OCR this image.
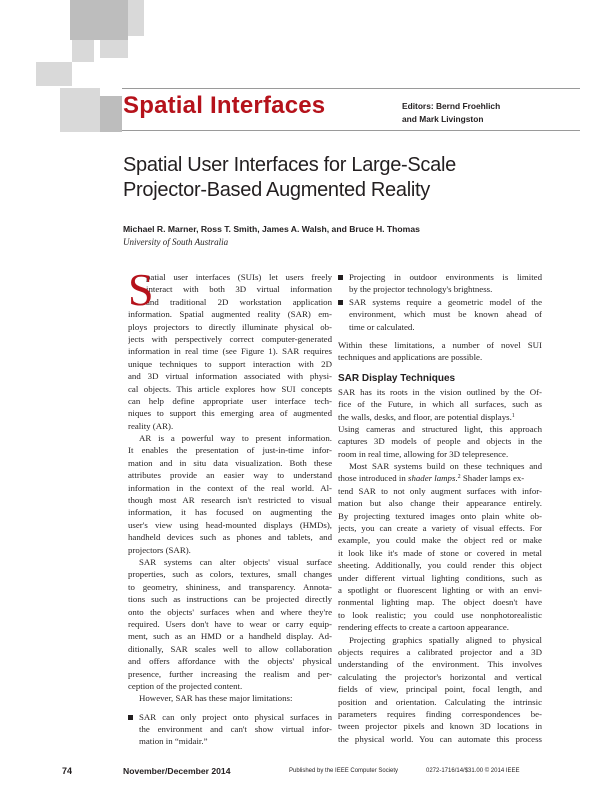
Spatial Interfaces	Editors: Bernd Froehlich
and Mark Livingston
Spatial User Interfaces for Large-Scale
Projector-Based Augmented Reality
Michael R. Marner, Ross T. Smith, James A. Walsh, and Bruce H. Thomas
University of South Australia
S
patial user interfaces (SUIs) let users freely
interact with both 3D virtual information
and traditional 2D workstation application
information. Spatial augmented reality (SAR) em-
ploys projectors to directly illuminate physical ob-
jects with perspectively correct computer-generated
information in real time (see Figure 1). SAR requires
unique techniques to support interaction with 2D
and 3D virtual information associated with physi-
cal objects. This article explores how SUI concepts
can help define appropriate user interface tech-
niques to support this emerging area of augmented
reality (AR).
AR is a powerful way to present information.
It enables the presentation of just-in-time infor-
mation and in situ data visualization. Both these
attributes provide an easier way to understand
information in the context of the real world. Al-
though most AR research isn't restricted to visual
information, it has focused on augmenting the
user's view using head-mounted displays (HMDs),
handheld devices such as phones and tablets, and
projectors (SAR).
SAR systems can alter objects' visual surface
properties, such as colors, textures, small changes
to geometry, shininess, and transparency. Annota-
tions such as instructions can be projected directly
onto the objects' surfaces when and where they're
required. Users don't have to wear or carry equip-
ment, such as an HMD or a handheld display. Ad-
ditionally, SAR scales well to allow collaboration
and offers affordance with the objects' physical
presence, further increasing the realism and per-
ception of the projected content.
However, SAR has these major limitations:
SAR can only project onto physical surfaces in
the environment and can't show virtual infor-
mation in “midair.”
Projecting in outdoor environments is limited
by the projector technology's brightness.
SAR systems require a geometric model of the
environment, which must be known ahead of
time or calculated.
Within these limitations, a number of novel SUI
techniques and applications are possible.
SAR Display Techniques
SAR has its roots in the vision outlined by the Of-
fice of the Future, in which all surfaces, such as
the walls, desks, and floor, are potential displays.$^1$
Using cameras and structured light, this approach
captures 3D models of people and objects in the
room in real time, allowing for 3D telepresence.
Most SAR systems build on these techniques and
those introduced in shader lamps.$^2$ Shader lamps ex-
tend SAR to not only augment surfaces with infor-
mation but also change their appearance entirely.
By projecting textured images onto plain white ob-
jects, you can create a variety of visual effects. For
example, you could make the object red or make
it look like it's made of stone or covered in metal
sheeting. Additionally, you could render this object
under different virtual lighting conditions, such as
a spotlight or fluorescent lighting or with an envi-
ronmental lighting map. The object doesn't have
to look realistic; you could use nonphotorealistic
rendering effects to create a cartoon appearance.
Projecting graphics spatially aligned to physical
objects requires a calibrated projector and a 3D
understanding of the environment. This involves
calculating the projector's horizontal and vertical
fields of view, principal point, focal length, and
position and orientation. Calculating the intrinsic
parameters requires finding correspondences be-
tween projector pixels and known 3D locations in
the physical world. You can automate this process
74	November/December 2014	Published by the IEEE Computer Society	0272-1716/14/$31.00 © 2014 IEEE
